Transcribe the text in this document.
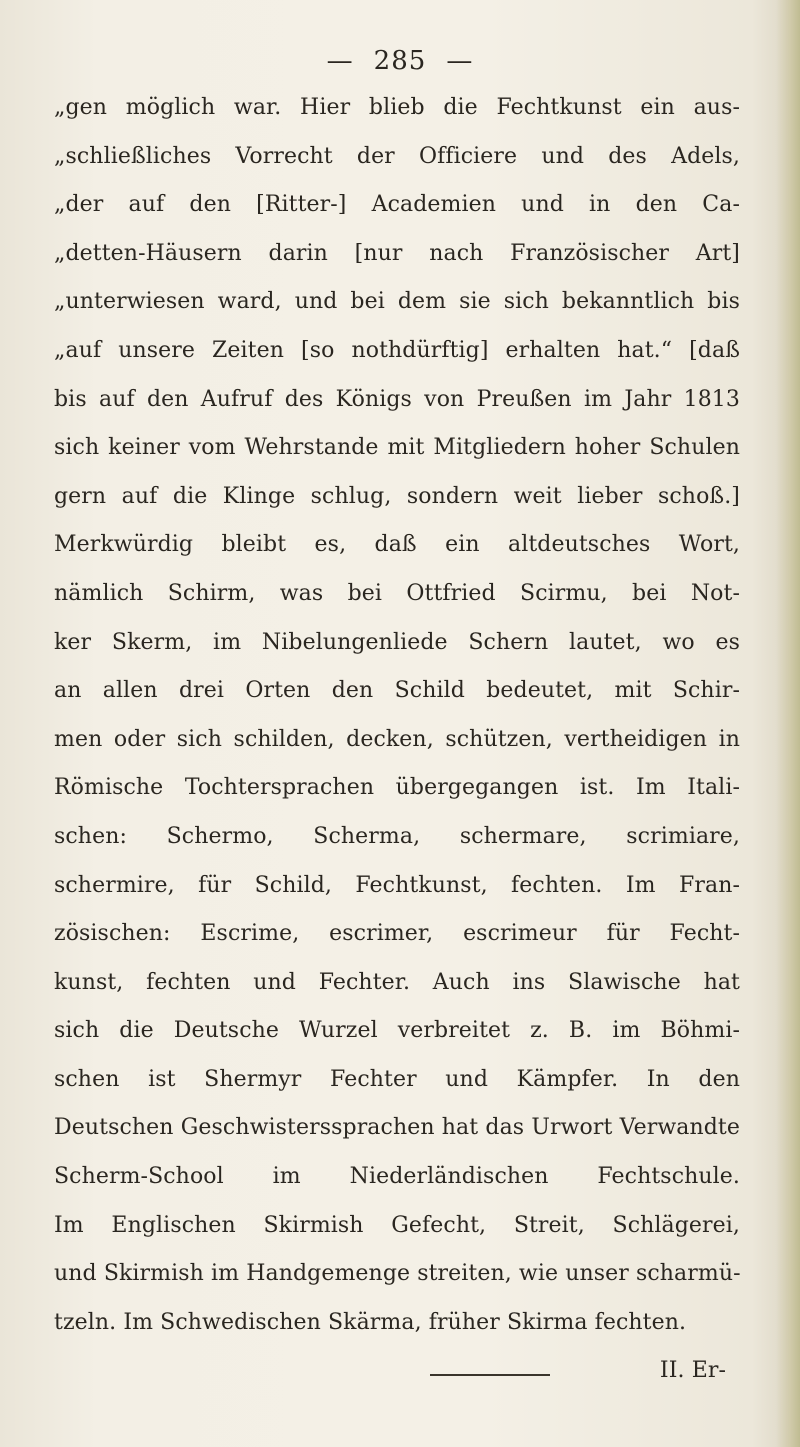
— 285 —
„gen möglich war. Hier blieb die Fechtkunst ein aus-
„schließliches Vorrecht der Officiere und des Adels,
„der auf den [Ritter-] Academien und in den Ca-
„detten-Häusern darin [nur nach Französischer Art]
„unterwiesen ward, und bei dem sie sich bekanntlich bis
„auf unsere Zeiten [so nothdürftig] erhalten hat.“ [daß
bis auf den Aufruf des Königs von Preußen im Jahr 1813
sich keiner vom Wehrstande mit Mitgliedern hoher Schulen
gern auf die Klinge schlug, sondern weit lieber schoß.]
Merkwürdig bleibt es, daß ein altdeutsches Wort,
nämlich Schirm, was bei Ottfried Scirmu, bei Not-
ker Skerm, im Nibelungenliede Schern lautet, wo es
an allen drei Orten den Schild bedeutet, mit Schir-
men oder sich schilden, decken, schützen, vertheidigen in
Römische Tochtersprachen übergegangen ist. Im Itali-
schen: Schermo, Scherma, schermare, scrimiare,
schermire, für Schild, Fechtkunst, fechten. Im Fran-
zösischen: Escrime, escrimer, escrimeur für Fecht-
kunst, fechten und Fechter. Auch ins Slawische hat
sich die Deutsche Wurzel verbreitet z. B. im Böhmi-
schen ist Shermyr Fechter und Kämpfer. In den
Deutschen Geschwisterssprachen hat das Urwort Verwandte
Scherm-School im Niederländischen Fechtschule.
Im Englischen Skirmish Gefecht, Streit, Schlägerei,
und Skirmish im Handgemenge streiten, wie unser scharmü-
tzeln. Im Schwedischen Skärma, früher Skirma fechten.
II. Er-
